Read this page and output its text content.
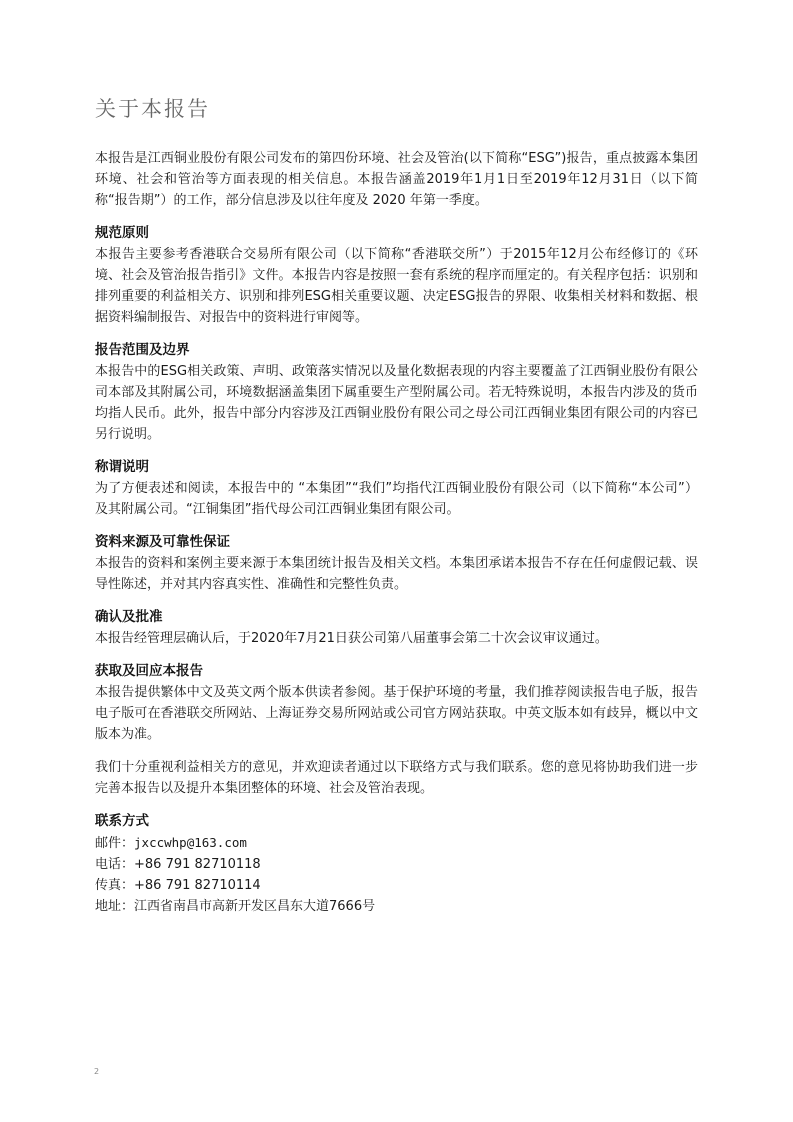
关于本报告

本报告是江西铜业股份有限公司发布的第四份环境、社会及管治(以下简称“ESG”)报告，重点披露本集团环境、社会和管治等方面表现的相关信息。本报告涵盖2019年1月1日至2019年12月31日（以下简称“报告期”）的工作，部分信息涉及以往年度及 2020 年第一季度。

规范原则

本报告主要参考香港联合交易所有限公司（以下简称“香港联交所”）于2015年12月公布经修订的《环境、社会及管治报告指引》文件。本报告内容是按照一套有系统的程序而厘定的。有关程序包括：识别和排列重要的利益相关方、识别和排列ESG相关重要议题、决定ESG报告的界限、收集相关材料和数据、根据资料编制报告、对报告中的资料进行审阅等。

报告范围及边界

本报告中的ESG相关政策、声明、政策落实情况以及量化数据表现的内容主要覆盖了江西铜业股份有限公司本部及其附属公司，环境数据涵盖集团下属重要生产型附属公司。若无特殊说明，本报告内涉及的货币均指人民币。此外，报告中部分内容涉及江西铜业股份有限公司之母公司江西铜业集团有限公司的内容已另行说明。

称谓说明

为了方便表述和阅读，本报告中的 “本集团”“我们”均指代江西铜业股份有限公司（以下简称“本公司”）及其附属公司。“江铜集团”指代母公司江西铜业集团有限公司。

资料来源及可靠性保证

本报告的资料和案例主要来源于本集团统计报告及相关文档。本集团承诺本报告不存在任何虚假记载、误导性陈述，并对其内容真实性、准确性和完整性负责。

确认及批准

本报告经管理层确认后，于2020年7月21日获公司第八届董事会第二十次会议审议通过。

获取及回应本报告

本报告提供繁体中文及英文两个版本供读者参阅。基于保护环境的考量，我们推荐阅读报告电子版，报告电子版可在香港联交所网站、上海证券交易所网站或公司官方网站获取。中英文版本如有歧异，概以中文版本为准。

我们十分重视利益相关方的意见，并欢迎读者通过以下联络方式与我们联系。您的意见将协助我们进一步完善本报告以及提升本集团整体的环境、社会及管治表现。

联系方式

邮件：jxccwhp@163.com

电话：+86 791 82710118

传真：+86 791 82710114

地址：江西省南昌市高新开发区昌东大道7666号

2
